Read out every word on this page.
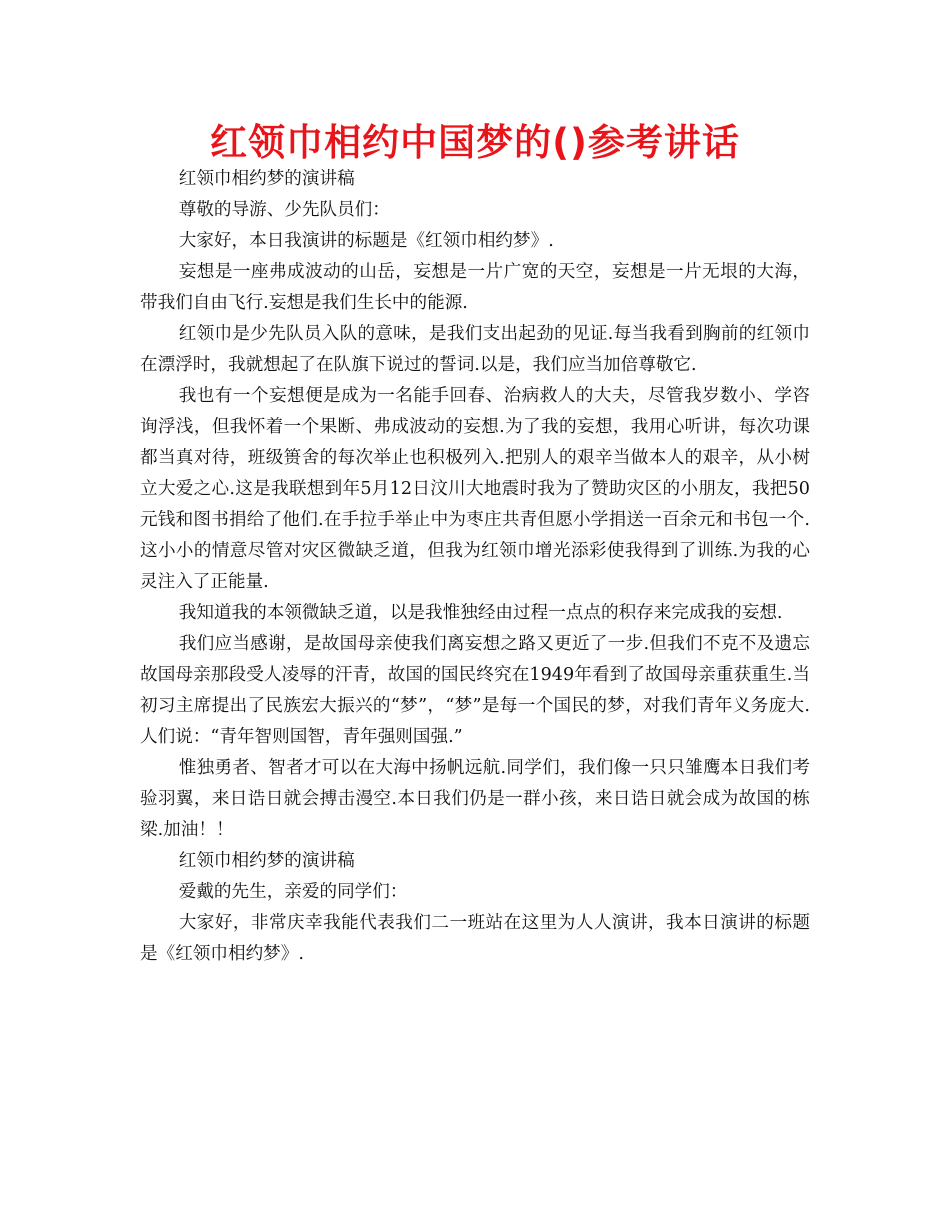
红领巾相约中国梦的()参考讲话

红领巾相约梦的演讲稿

尊敬的导游、少先队员们：

大家好，本日我演讲的标题是《红领巾相约梦》.

妄想是一座弗成波动的山岳，妄想是一片广宽的天空，妄想是一片无垠的大海，带我们自由飞行.妄想是我们生长中的能源.

红领巾是少先队员入队的意味，是我们支出起劲的见证.每当我看到胸前的红领巾在漂浮时，我就想起了在队旗下说过的誓词.以是，我们应当加倍尊敬它.

我也有一个妄想便是成为一名能手回春、治病救人的大夫，尽管我岁数小、学咨询浮浅，但我怀着一个果断、弗成波动的妄想.为了我的妄想，我用心听讲，每次功课都当真对待，班级篑舍的每次举止也积极列入.把别人的艰辛当做本人的艰辛，从小树立大爱之心.这是我联想到年5月12日汶川大地震时我为了赞助灾区的小朋友，我把50元钱和图书捐给了他们.在手拉手举止中为枣庄共青但愿小学捐送一百余元和书包一个.这小小的情意尽管对灾区微缺乏道，但我为红领巾增光添彩使我得到了训练.为我的心灵注入了正能量.

我知道我的本领微缺乏道，以是我惟独经由过程一点点的积存来完成我的妄想.

我们应当感谢，是故国母亲使我们离妄想之路又更近了一步.但我们不克不及遗忘故国母亲那段受人凌辱的汗青，故国的国民终究在1949年看到了故国母亲重获重生.当初习主席提出了民族宏大振兴的“梦”，“梦”是每一个国民的梦，对我们青年义务庞大.人们说：“青年智则国智，青年强则国强.”

惟独勇者、智者才可以在大海中扬帆远航.同学们，我们像一只只雏鹰本日我们考验羽翼，来日诰日就会搏击漫空.本日我们仍是一群小孩，来日诰日就会成为故国的栋梁.加油！！

红领巾相约梦的演讲稿

爱戴的先生，亲爱的同学们：

大家好，非常庆幸我能代表我们二一班站在这里为人人演讲，我本日演讲的标题是《红领巾相约梦》.
